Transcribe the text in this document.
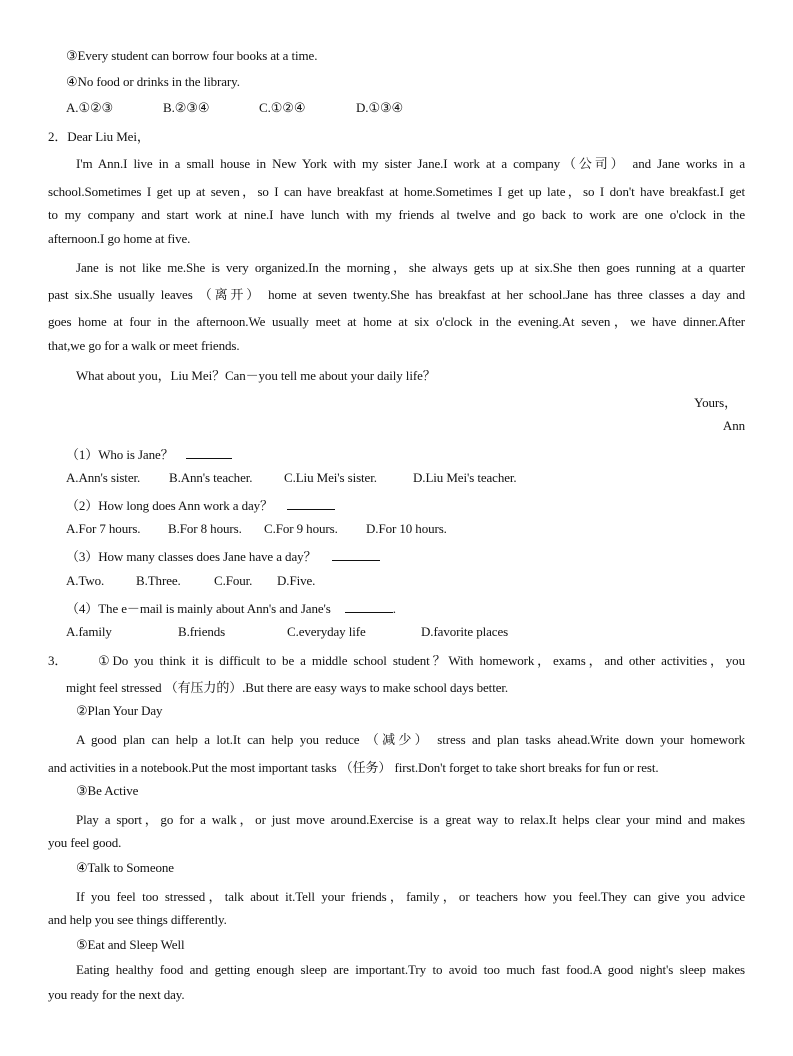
③Every student can borrow four books at a time.
④No food or drinks in the library.
A.①②③	B.②③④	C.①②④	D.①③④
2．Dear Liu Mei，
I'm Ann.I live in a small house in New York with my sister Jane.I work at a company（公司） and Jane works in a
school.Sometimes I get up at seven，so I can have breakfast at home.Sometimes I get up late，so I don't have breakfast.I get
to my company and start work at nine.I have lunch with my friends al twelve and go back to work are one o'clock in the
afternoon.I go home at five.
Jane is not like me.She is very organized.In the morning，she always gets up at six.She then goes running at a quarter
past six.She usually leaves （离开） home at seven twenty.She has breakfast at her school.Jane has three classes a day and
goes home at four in the afternoon.We usually meet at home at six o'clock in the evening.At seven，we have dinner.After
that,we go for a walk or meet friends.
What about you，Liu Mei？Can－you tell me about your daily life？
Yours，
Ann
（1）Who is Jane？
A.Ann's sister. B.Ann's teacher. C.Liu Mei's sister.	D.Liu Mei's teacher.
（2）How long does Ann work a day？
A.For 7 hours. B.For 8 hours. C.For 9 hours. D.For 10 hours.
（3）How many classes does Jane have a day？
A.Two. B.Three.	C.Four. D.Five.
（4）The e－mail is mainly about Ann's and Jane's	.
A.family	B.friends	C.everyday life	D.favorite places
3． ①Do you think it is difficult to be a middle school student？With homework，exams，and other activities，you
might feel stressed （有压力的）.But there are easy ways to make school days better.
②Plan Your Day
A good plan can help a lot.It can help you reduce （减少） stress and plan tasks ahead.Write down your homework
and activities in a notebook.Put the most important tasks （任务） first.Don't forget to take short breaks for fun or rest.
③Be Active
Play a sport，go for a walk，or just move around.Exercise is a great way to relax.It helps clear your mind and makes
you feel good.
④Talk to Someone
If you feel too stressed，talk about it.Tell your friends，family，or teachers how you feel.They can give you advice
and help you see things differently.
⑤Eat and Sleep Well
Eating healthy food and getting enough sleep are important.Try to avoid too much fast food.A good night's sleep makes
you ready for the next day.
